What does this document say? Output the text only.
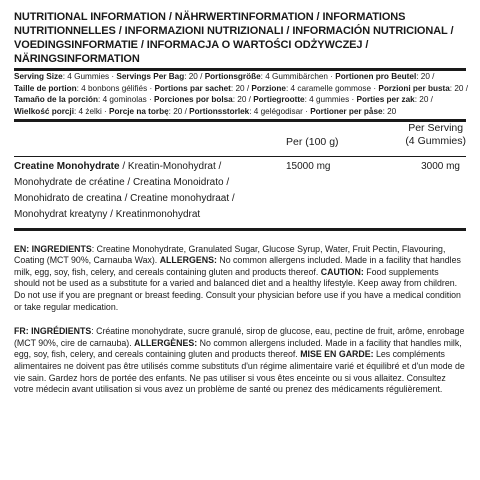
NUTRITIONAL INFORMATION / NÄHRWERTINFORMATION / INFORMATIONS NUTRITIONNELLES / INFORMAZIONI NUTRIZIONALI / INFORMACIÓN NUTRICIONAL / VOEDINGSINFORMATIE / INFORMACJA O WARTOŚCI ODŻYWCZEJ / NÄRINGSINFORMATION
Serving Size: 4 Gummies · Servings Per Bag: 20 / Portionsgröße: 4 Gummibärchen · Portionen pro Beutel: 20 /
Taille de portion: 4 bonbons gélifiés · Portions par sachet: 20 / Porzione: 4 caramelle gommose · Porzioni per busta: 20 /
Tamaño de la porción: 4 gominolas · Porciones por bolsa: 20 / Portiegrootte: 4 gummies · Porties per zak: 20 /
Wielkość porcji: 4 żelki · Porcje na torbę: 20 / Portionsstorlek: 4 gelégodisar · Portioner per påse: 20
Per (100 g)
Per Serving
(4 Gummies)
Creatine Monohydrate / Kreatin-Monohydrat / Monohydrate de créatine / Creatina Monoidrato / Monohidrato de creatina / Creatine monohydraat / Monohydrat kreatyny / Kreatinmonohydrat
15000 mg	3000 mg
EN: INGREDIENTS: Creatine Monohydrate, Granulated Sugar, Glucose Syrup, Water, Fruit Pectin, Flavouring, Coating (MCT 90%, Carnauba Wax). ALLERGENS: No common allergens included. Made in a facility that handles milk, egg, soy, fish, celery, and cereals containing gluten and products thereof. CAUTION: Food supplements should not be used as a substitute for a varied and balanced diet and a healthy lifestyle. Keep away from children. Do not use if you are pregnant or breast feeding. Consult your physician before use if you have a medical condition or take regular medication.
FR: INGRÉDIENTS: Créatine monohydrate, sucre granulé, sirop de glucose, eau, pectine de fruit, arôme, enrobage (MCT 90%, cire de carnauba). ALLERGÈNES: No common allergens included. Made in a facility that handles milk, egg, soy, fish, celery, and cereals containing gluten and products thereof. MISE EN GARDE: Les compléments alimentaires ne doivent pas être utilisés comme substituts d'un régime alimentaire varié et équilibré et d'un mode de vie sain. Gardez hors de portée des enfants. Ne pas utiliser si vous êtes enceinte ou si vous allaitez. Consultez votre médecin avant utilisation si vous avez un problème de santé ou prenez des médicaments régulièrement.
